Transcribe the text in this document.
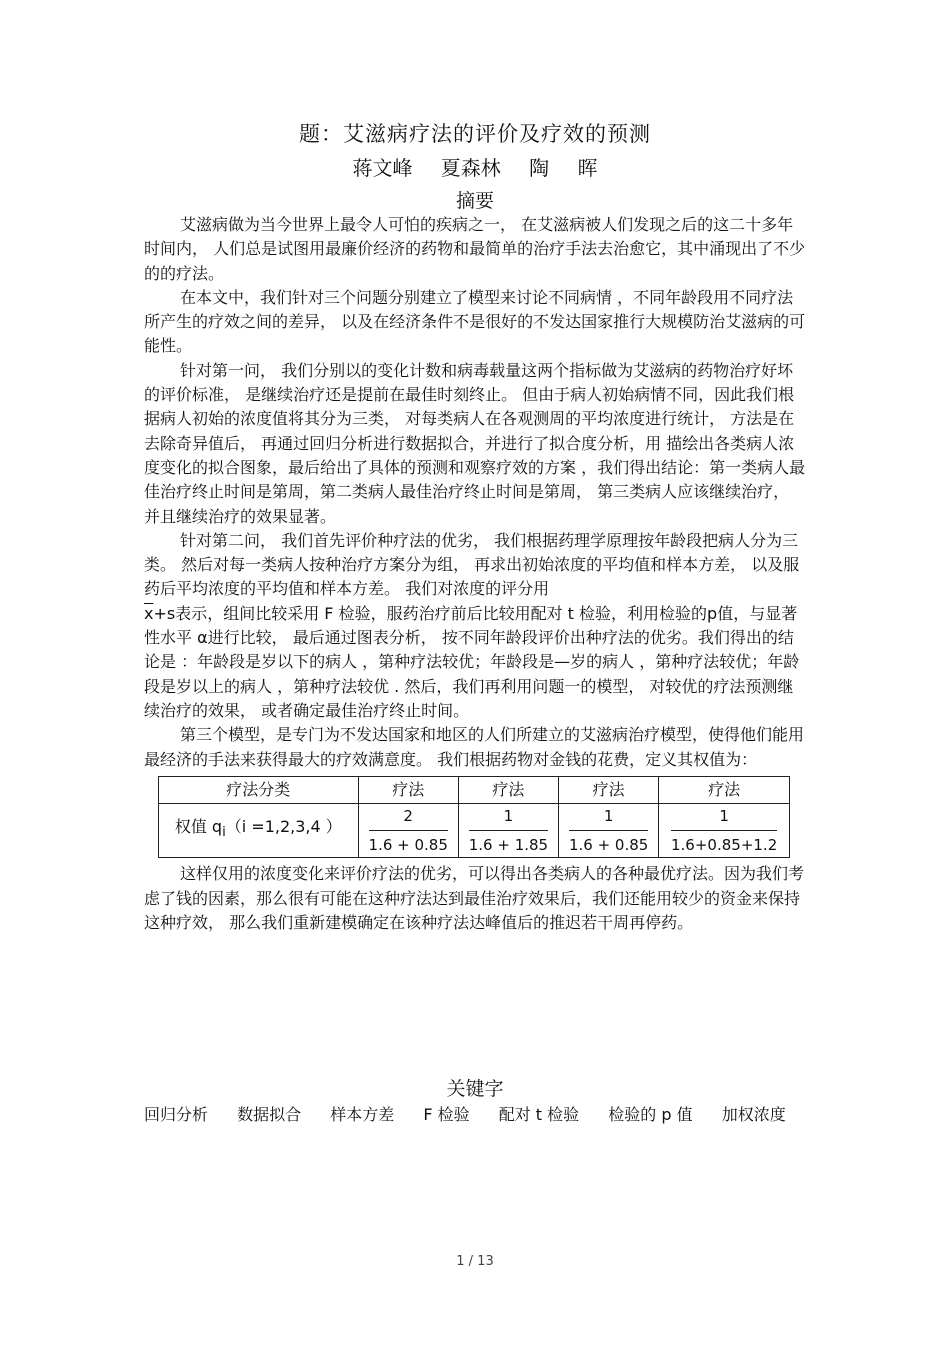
题：艾滋病疗法的评价及疗效的预测
蒋文峰 夏森林 陶 晖
摘要

艾滋病做为当今世界上最令人可怕的疾病之一， 在艾滋病被人们发现之后的这二十多年时间内， 人们总是试图用最廉价经济的药物和最简单的治疗手法去治愈它，其中涌现出了不少的的疗法。

在本文中，我们针对三个问题分别建立了模型来讨论不同病情 ，不同年龄段用不同疗法所产生的疗效之间的差异， 以及在经济条件不是很好的不发达国家推行大规模防治艾滋病的可能性。

针对第一问， 我们分别以的变化计数和病毒载量这两个指标做为艾滋病的药物治疗好坏的评价标准， 是继续治疗还是提前在最佳时刻终止。 但由于病人初始病情不同，因此我们根据病人初始的浓度值将其分为三类， 对每类病人在各观测周的平均浓度进行统计， 方法是在去除奇异值后， 再通过回归分析进行数据拟合，并进行了拟合度分析，用 描绘出各类病人浓度变化的拟合图象，最后给出了具体的预测和观察疗效的方案 ，我们得出结论：第一类病人最佳治疗终止时间是第周，第二类病人最佳治疗终止时间是第周， 第三类病人应该继续治疗， 并且继续治疗的效果显著。

针对第二问， 我们首先评价种疗法的优劣， 我们根据药理学原理按年龄段把病人分为三类。 然后对每一类病人按种治疗方案分为组， 再求出初始浓度的平均值和样本方差， 以及服药后平均浓度的平均值和样本方差。 我们对浓度的评分用
$\overline{x}+s$表示，组间比较采用 F 检验，服药治疗前后比较用配对 t 检验，利用检验的p值，与显著性水平 α进行比较， 最后通过图表分析， 按不同年龄段评价出种疗法的优劣。我们得出的结论是 ：年龄段是岁以下的病人 ，第种疗法较优；年龄段是—岁的病人 ，第种疗法较优；年龄段是岁以上的病人 ，第种疗法较优 . 然后，我们再利用问题一的模型， 对较优的疗法预测继续治疗的效果， 或者确定最佳治疗终止时间。

第三个模型，是专门为不发达国家和地区的人们所建立的艾滋病治疗模型，使得他们能用最经济的手法来获得最大的疗效满意度。 我们根据药物对金钱的花费，定义其权值为：

疗法分类	疗法	疗法	疗法	疗法
权值 $q_i(i =1,2,3,4$ ）	$\frac{2}{1.6 + 0.85}$	$\frac{1}{1.6 + 1.85}$	$\frac{1}{1.6 + 0.85}$	$\frac{1}{1.6+0.85+1.2}$

这样仅用的浓度变化来评价疗法的优劣，可以得出各类病人的各种最优疗法。因为我们考虑了钱的因素，那么很有可能在这种疗法达到最佳治疗效果后，我们还能用较少的资金来保持这种疗效， 那么我们重新建模确定在该种疗法达峰值后的推迟若干周再停药。

关键字
回归分析 数据拟合 样本方差 F 检验 配对 t 检验 检验的 p 值 加权浓度
1 / 13
